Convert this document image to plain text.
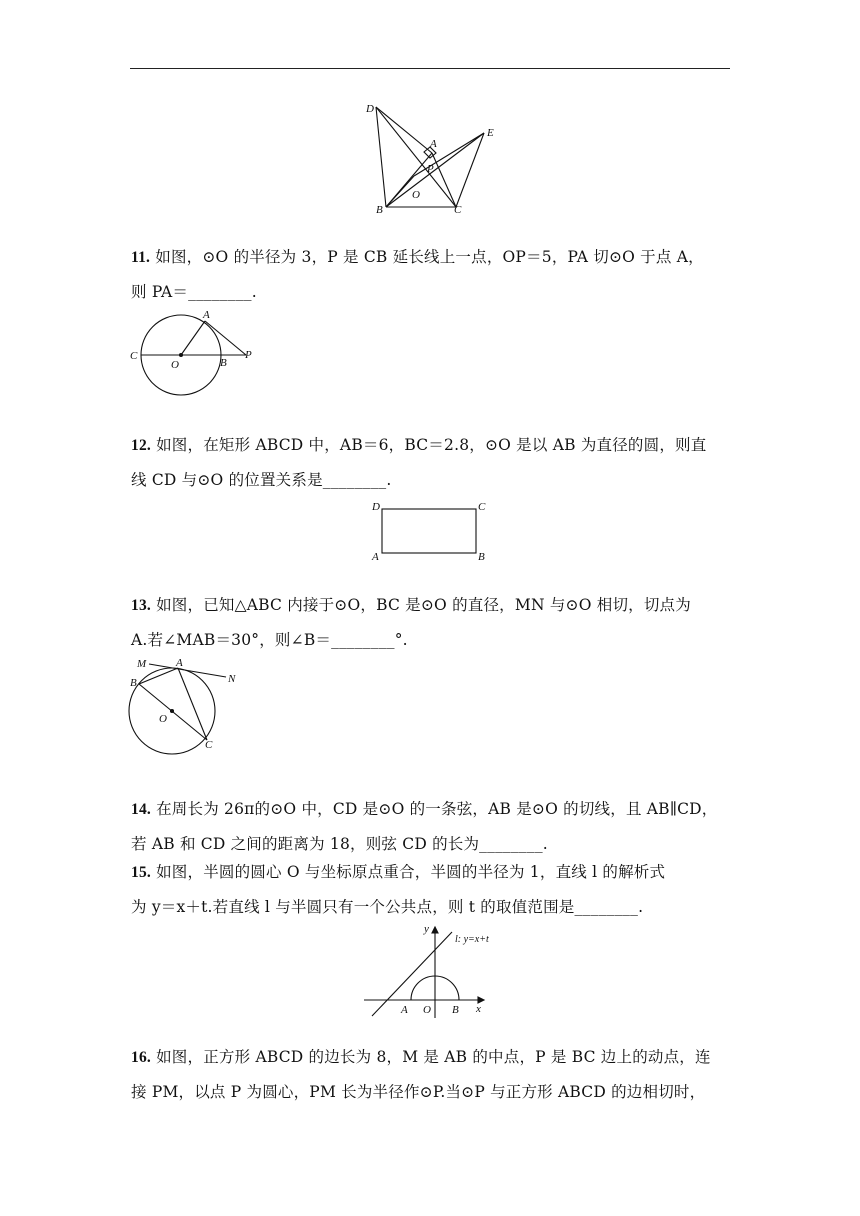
D
A
E
P
O
B	C
11. 如图，⊙O 的半径为 3，P 是 CB 延长线上一点，OP＝5，PA 切⊙O 于点 A，
则 PA＝________.
A
C
O	B
P
12. 如图，在矩形 ABCD 中，AB＝6，BC＝2.8，⊙O 是以 AB 为直径的圆，则直
线 CD 与⊙O 的位置关系是________.
D	C
A	B
13. 如图，已知△ABC 内接于⊙O，BC 是⊙O 的直径，MN 与⊙O 相切，切点为
A.若∠MAB＝30°，则∠B＝________°.
M	A
N
B
O
C
14. 在周长为 26π的⊙O 中，CD 是⊙O 的一条弦，AB 是⊙O 的切线，且 AB∥CD，
若 AB 和 CD 之间的距离为 18，则弦 CD 的长为________.
15. 如图，半圆的圆心 O 与坐标原点重合，半圆的半径为 1，直线 l 的解析式
为 y＝x＋t.若直线 l 与半圆只有一个公共点，则 t 的取值范围是________.
y
l: y=x+t
A O B x
16. 如图，正方形 ABCD 的边长为 8，M 是 AB 的中点，P 是 BC 边上的动点，连
接 PM，以点 P 为圆心，PM 长为半径作⊙P.当⊙P 与正方形 ABCD 的边相切时，
